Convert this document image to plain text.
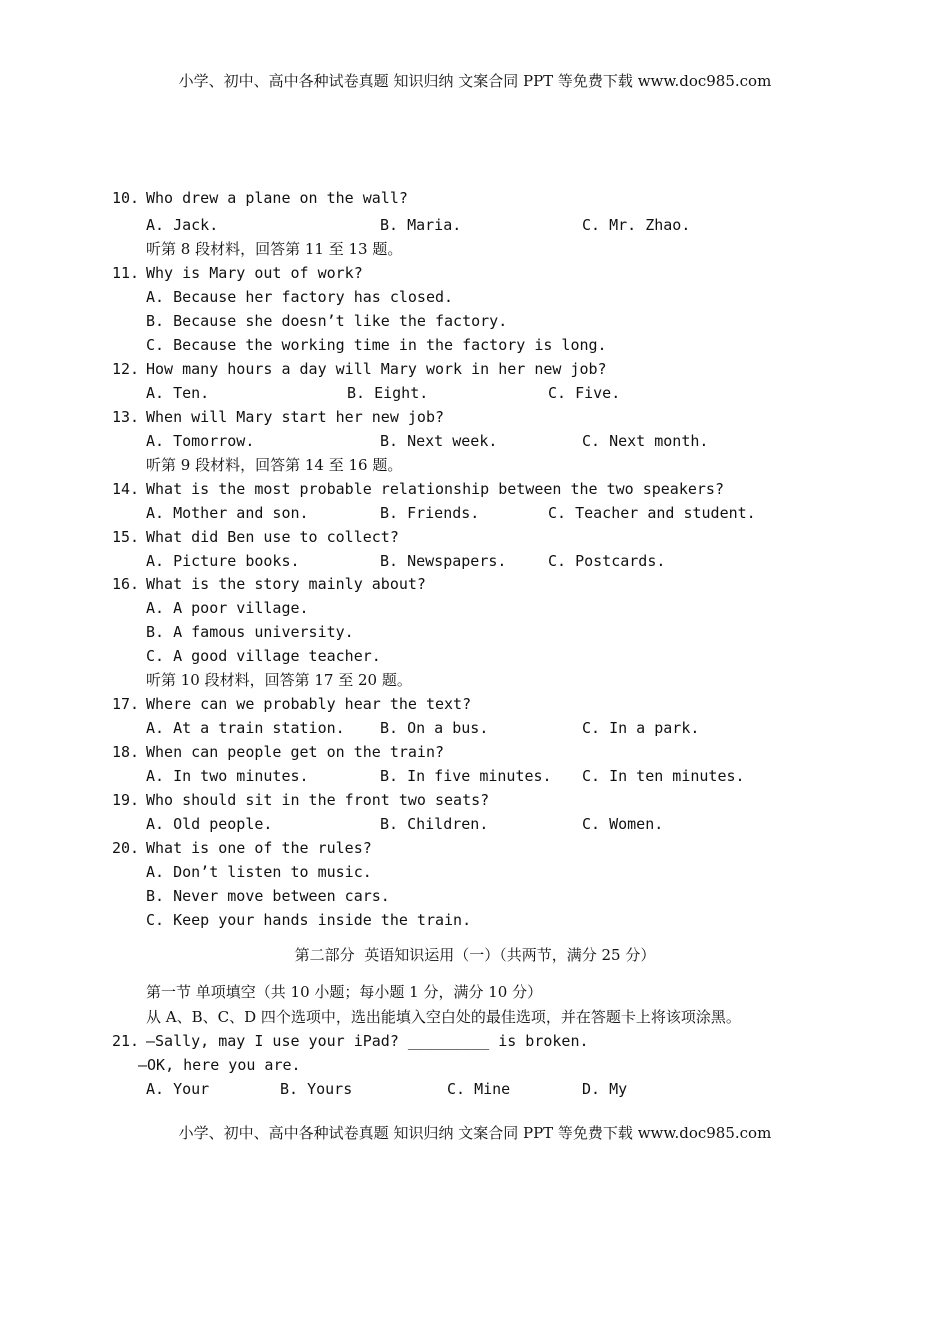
小学、初中、高中各种试卷真题 知识归纳 文案合同 PPT 等免费下载 www.doc985.com
10. Who drew a plane on the wall?
A. Jack.	B. Maria.	C. Mr. Zhao.
听第 8 段材料，回答第 11 至 13 题。
11. Why is Mary out of work?
A. Because her factory has closed.
B. Because she doesn’t like the factory.
C. Because the working time in the factory is long.
12. How many hours a day will Mary work in her new job?
A. Ten.	B. Eight.	C. Five.
13. When will Mary start her new job?
A. Tomorrow.	B. Next week.	C. Next month.
听第 9 段材料，回答第 14 至 16 题。
14. What is the most probable relationship between the two speakers?
A. Mother and son.	B. Friends.	C. Teacher and student.
15. What did Ben use to collect?
A. Picture books.	B. Newspapers.	C. Postcards.
16. What is the story mainly about?
A. A poor village.
B. A famous university.
C. A good village teacher.
听第 10 段材料，回答第 17 至 20 题。
17. Where can we probably hear the text?
A. At a train station. B. On a bus.	C. In a park.
18. When can people get on the train?
A. In two minutes.	B. In five minutes. C. In ten minutes.
19. Who should sit in the front two seats?
A. Old people.	B. Children.	C. Women.
20. What is one of the rules?
A. Don’t listen to music.
B. Never move between cars.
C. Keep your hands inside the train.
第二部分  英语知识运用（一）（共两节，满分 25 分）
第一节 单项填空（共 10 小题；每小题 1 分，满分 10 分）
从 A、B、C、D 四个选项中，选出能填入空白处的最佳选项，并在答题卡上将该项涂黑。
21. —Sally, may I use your iPad? _________ is broken.
—OK, here you are.
A. Your	B. Yours	C. Mine	D. My
小学、初中、高中各种试卷真题 知识归纳 文案合同 PPT 等免费下载 www.doc985.com
